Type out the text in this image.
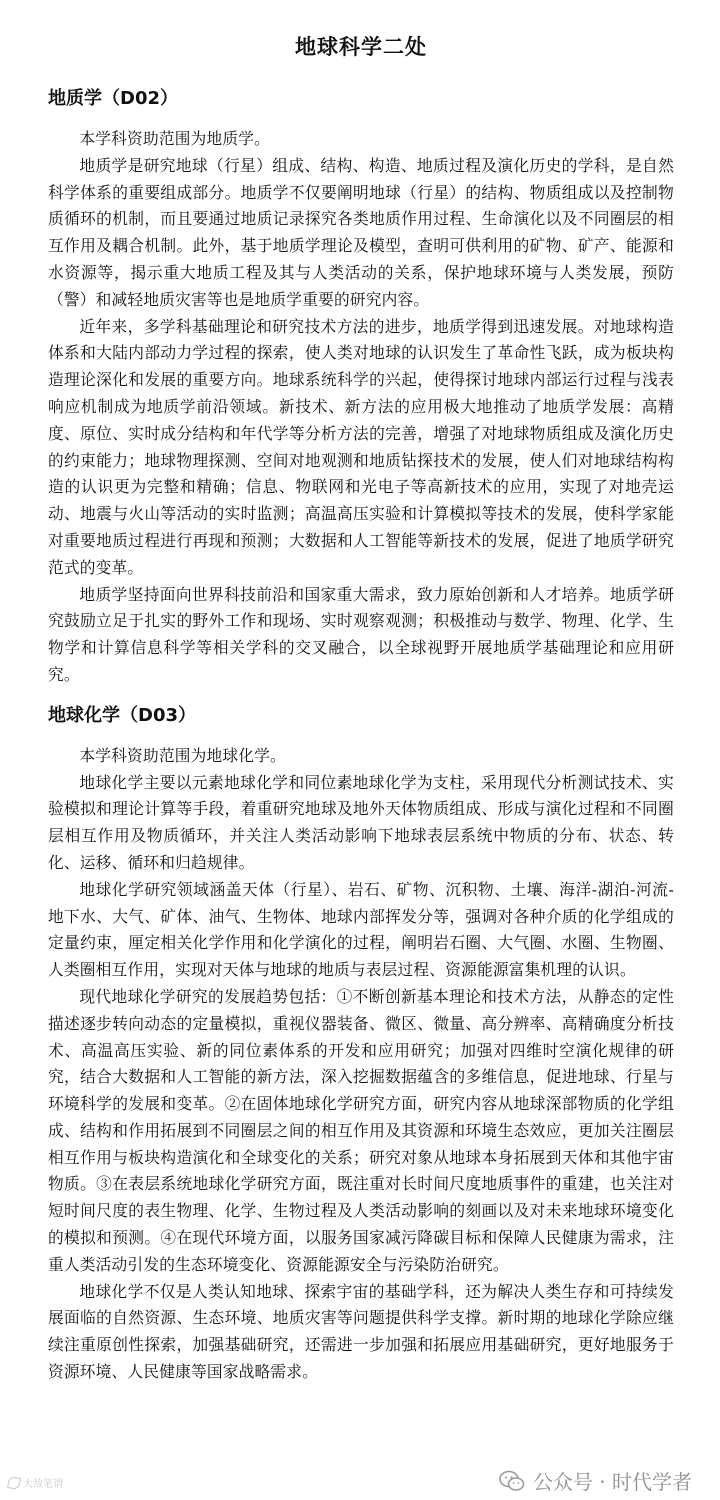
地球科学二处
地质学（D02）

本学科资助范围为地质学。

地质学是研究地球（行星）组成、结构、构造、地质过程及演化历史的学科，是自然科学体系的重要组成部分。地质学不仅要阐明地球（行星）的结构、物质组成以及控制物质循环的机制，而且要通过地质记录探究各类地质作用过程、生命演化以及不同圈层的相互作用及耦合机制。此外，基于地质学理论及模型，查明可供利用的矿物、矿产、能源和水资源等，揭示重大地质工程及其与人类活动的关系，保护地球环境与人类发展，预防（警）和减轻地质灾害等也是地质学重要的研究内容。

近年来，多学科基础理论和研究技术方法的进步，地质学得到迅速发展。对地球构造体系和大陆内部动力学过程的探索，使人类对地球的认识发生了革命性飞跃，成为板块构造理论深化和发展的重要方向。地球系统科学的兴起，使得探讨地球内部运行过程与浅表响应机制成为地质学前沿领域。新技术、新方法的应用极大地推动了地质学发展：高精度、原位、实时成分结构和年代学等分析方法的完善，增强了对地球物质组成及演化历史的约束能力；地球物理探测、空间对地观测和地质钻探技术的发展，使人们对地球结构构造的认识更为完整和精确；信息、物联网和光电子等高新技术的应用，实现了对地壳运动、地震与火山等活动的实时监测；高温高压实验和计算模拟等技术的发展，使科学家能对重要地质过程进行再现和预测；大数据和人工智能等新技术的发展，促进了地质学研究范式的变革。

地质学坚持面向世界科技前沿和国家重大需求，致力原始创新和人才培养。地质学研究鼓励立足于扎实的野外工作和现场、实时观察观测；积极推动与数学、物理、化学、生物学和计算信息科学等相关学科的交叉融合，以全球视野开展地质学基础理论和应用研究。

地球化学（D03）

本学科资助范围为地球化学。

地球化学主要以元素地球化学和同位素地球化学为支柱，采用现代分析测试技术、实验模拟和理论计算等手段，着重研究地球及地外天体物质组成、形成与演化过程和不同圈层相互作用及物质循环，并关注人类活动影响下地球表层系统中物质的分布、状态、转化、运移、循环和归趋规律。

地球化学研究领域涵盖天体（行星）、岩石、矿物、沉积物、土壤、海洋-湖泊-河流-地下水、大气、矿体、油气、生物体、地球内部挥发分等，强调对各种介质的化学组成的定量约束，厘定相关化学作用和化学演化的过程，阐明岩石圈、大气圈、水圈、生物圈、人类圈相互作用，实现对天体与地球的地质与表层过程、资源能源富集机理的认识。

现代地球化学研究的发展趋势包括：①不断创新基本理论和技术方法，从静态的定性描述逐步转向动态的定量模拟，重视仪器装备、微区、微量、高分辨率、高精确度分析技术、高温高压实验、新的同位素体系的开发和应用研究；加强对四维时空演化规律的研究，结合大数据和人工智能的新方法，深入挖掘数据蕴含的多维信息，促进地球、行星与环境科学的发展和变革。②在固体地球化学研究方面，研究内容从地球深部物质的化学组成、结构和作用拓展到不同圈层之间的相互作用及其资源和环境生态效应，更加关注圈层相互作用与板块构造演化和全球变化的关系；研究对象从地球本身拓展到天体和其他宇宙物质。③在表层系统地球化学研究方面，既注重对长时间尺度地质事件的重建，也关注对短时间尺度的表生物理、化学、生物过程及人类活动影响的刻画以及对未来地球环境变化的模拟和预测。④在现代环境方面，以服务国家减污降碳目标和保障人民健康为需求，注重人类活动引发的生态环境变化、资源能源安全与污染防治研究。

地球化学不仅是人类认知地球、探索宇宙的基础学科，还为解决人类生存和可持续发展面临的自然资源、生态环境、地质灾害等问题提供科学支撑。新时期的地球化学除应继续注重原创性探索，加强基础研究，还需进一步加强和拓展应用基础研究，更好地服务于资源环境、人民健康等国家战略需求。

大敌笔谓	公众号 · 时代学者
